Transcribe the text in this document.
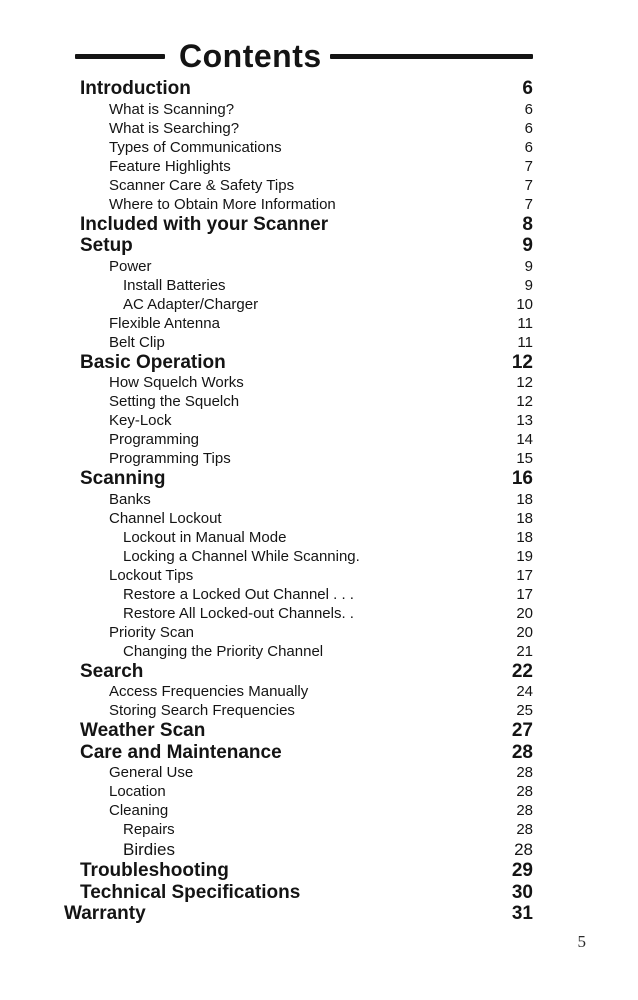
Contents
Introduction	6
What is Scanning?	6
What is Searching?	6
Types of Communications	6
Feature Highlights	7
Scanner Care & Safety Tips	7
Where to Obtain More Information	7
Included with your Scanner	8
Setup	9
Power	9
Install Batteries	9
AC Adapter/Charger	10
Flexible Antenna	11
Belt Clip	11
Basic Operation	12
How Squelch Works	12
Setting the Squelch	12
Key-Lock	13
Programming	14
Programming Tips	15
Scanning	16
Banks	18
Channel Lockout	18
Lockout in Manual Mode	18
Locking a Channel While Scanning.	19
Lockout Tips	17
Restore a Locked Out Channel . . .	17
Restore All Locked-out Channels. .	20
Priority Scan	20
Changing the Priority Channel	21
Search	22
Access Frequencies Manually	24
Storing Search Frequencies	25
Weather Scan	27
Care and Maintenance	28
General Use	28
Location	28
Cleaning	28
Repairs	28
Birdies	28
Troubleshooting	29
Technical Specifications	30
Warranty	31
5
